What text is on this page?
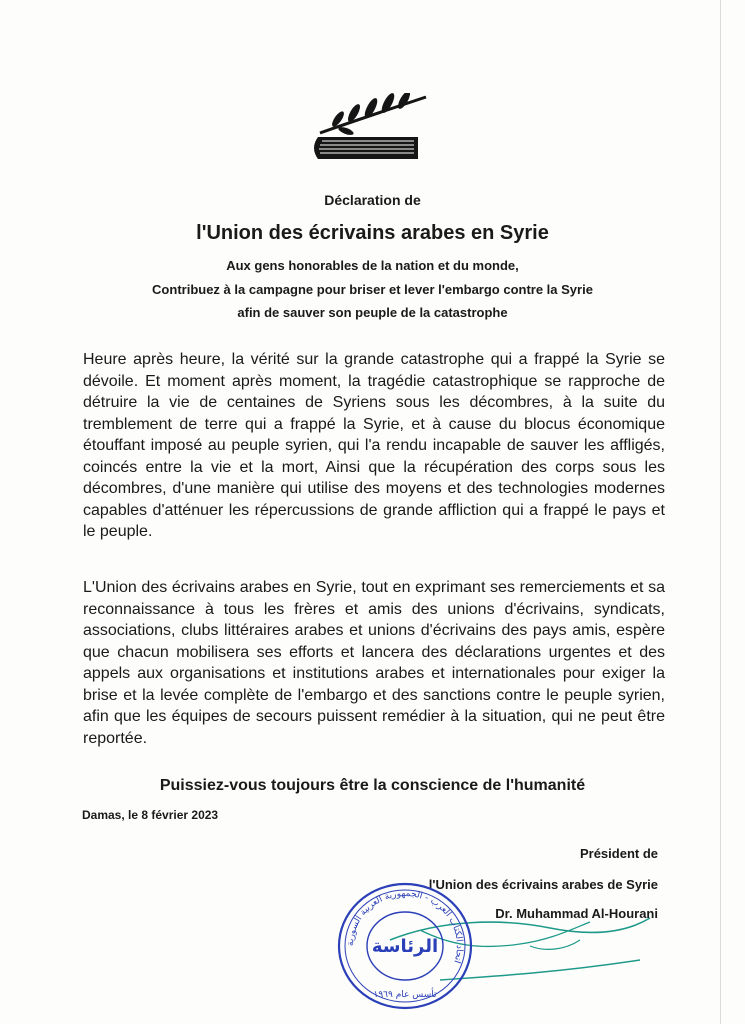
Déclaration de
l'Union des écrivains arabes en Syrie
Aux gens honorables de la nation et du monde,
Contribuez à la campagne pour briser et lever l'embargo contre la Syrie
afin de sauver son peuple de la catastrophe

Heure après heure, la vérité sur la grande catastrophe qui a frappé la Syrie se dévoile. Et moment après moment, la tragédie catastrophique se rapproche de détruire la vie de centaines de Syriens sous les décombres, à la suite du tremblement de terre qui a frappé la Syrie, et à cause du blocus économique étouffant imposé au peuple syrien, qui l'a rendu incapable de sauver les affligés, coincés entre la vie et la mort, Ainsi que la récupération des corps sous les décombres, d'une manière qui utilise des moyens et des technologies modernes capables d'atténuer les répercussions de grande affliction qui a frappé le pays et le peuple.

L'Union des écrivains arabes en Syrie, tout en exprimant ses remerciements et sa reconnaissance à tous les frères et amis des unions d'écrivains, syndicats, associations, clubs littéraires arabes et unions d'écrivains des pays amis, espère que chacun mobilisera ses efforts et lancera des déclarations urgentes et des appels aux organisations et institutions arabes et internationales pour exiger la brise et la levée complète de l'embargo et des sanctions contre le peuple syrien, afin que les équipes de secours puissent remédier à la situation, qui ne peut être reportée.

Puissiez-vous toujours être la conscience de l'humanité
Damas, le 8 février 2023
Président de
l'Union des écrivains arabes de Syrie
Dr. Muhammad Al-Hourani
اتحاد الكتاب العرب - الجمهورية العربية السورية
الرئاسة
تأسس عام ١٩٦٩
